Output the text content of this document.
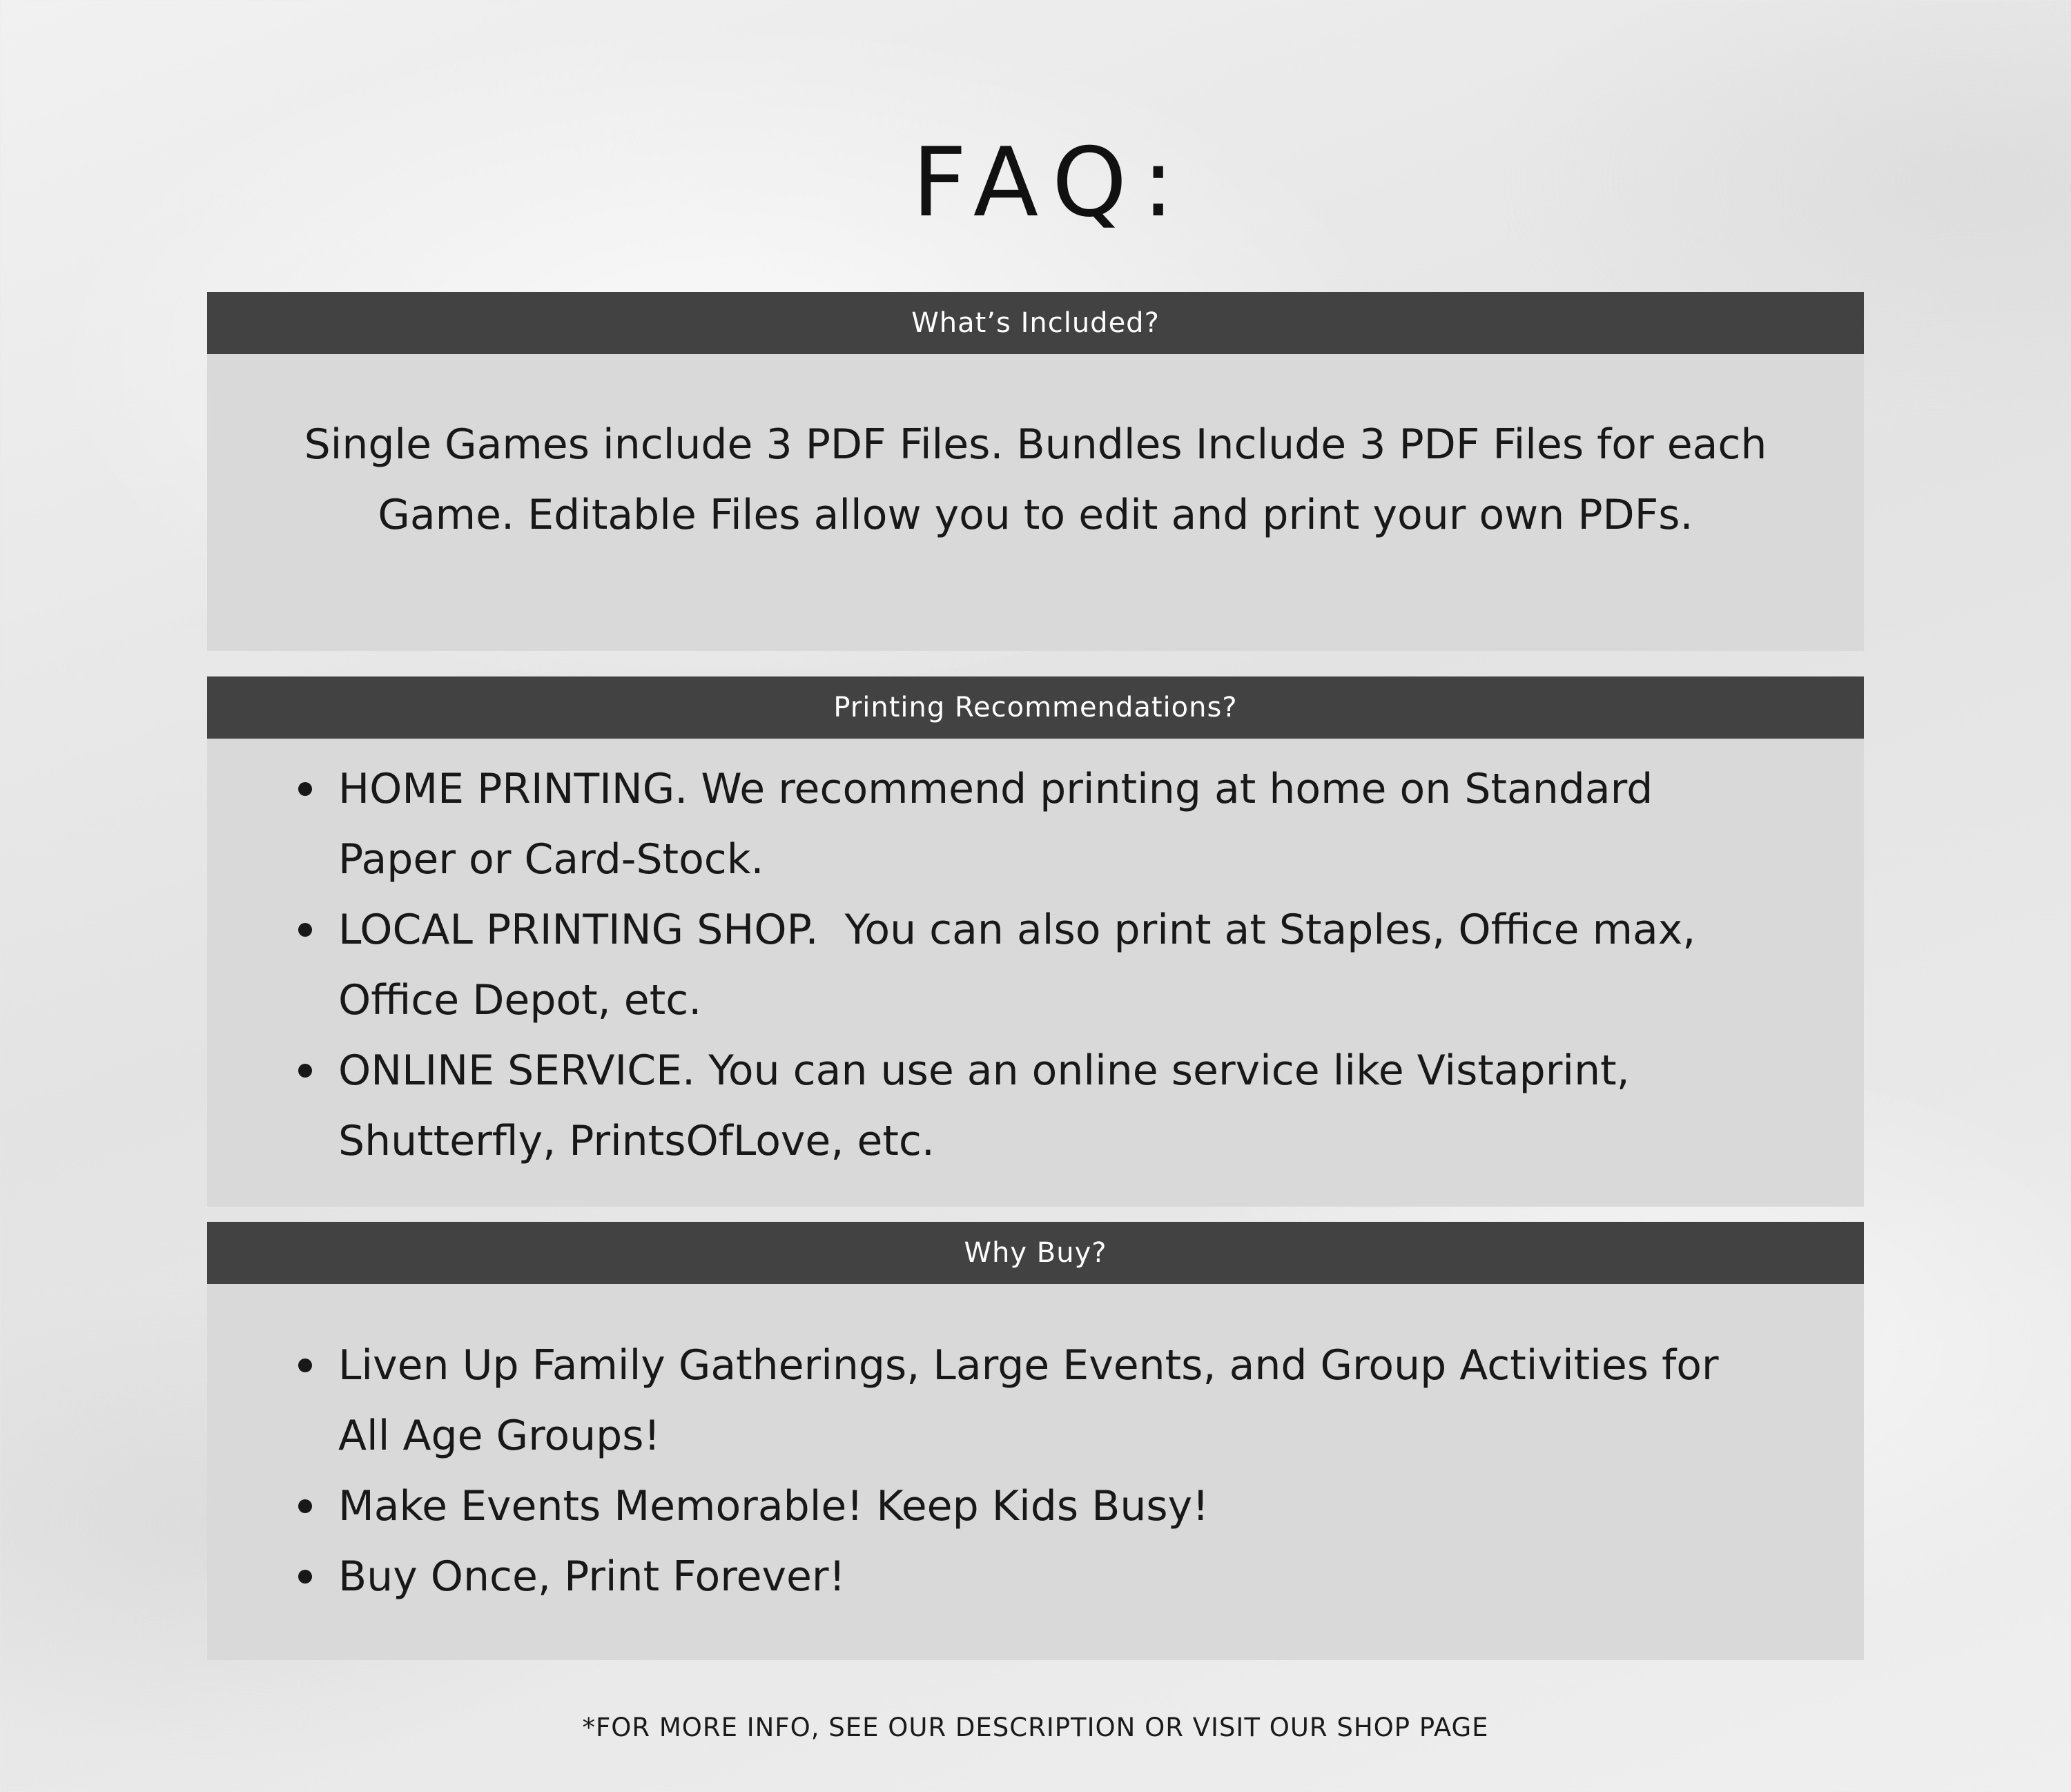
FAQ:
What’s Included?

Single Games include 3 PDF Files. Bundles Include 3 PDF Files for each Game. Editable Files allow you to edit and print your own PDFs.

Printing Recommendations?
HOME PRINTING. We recommend printing at home on Standard Paper or Card-Stock.
LOCAL PRINTING SHOP.  You can also print at Staples, Office max, Office Depot, etc.
ONLINE SERVICE. You can use an online service like Vistaprint, Shutterfly, PrintsOfLove, etc.
Why Buy?
Liven Up Family Gatherings, Large Events, and Group Activities for All Age Groups!
Make Events Memorable! Keep Kids Busy!
Buy Once, Print Forever!
*FOR MORE INFO, SEE OUR DESCRIPTION OR VISIT OUR SHOP PAGE
